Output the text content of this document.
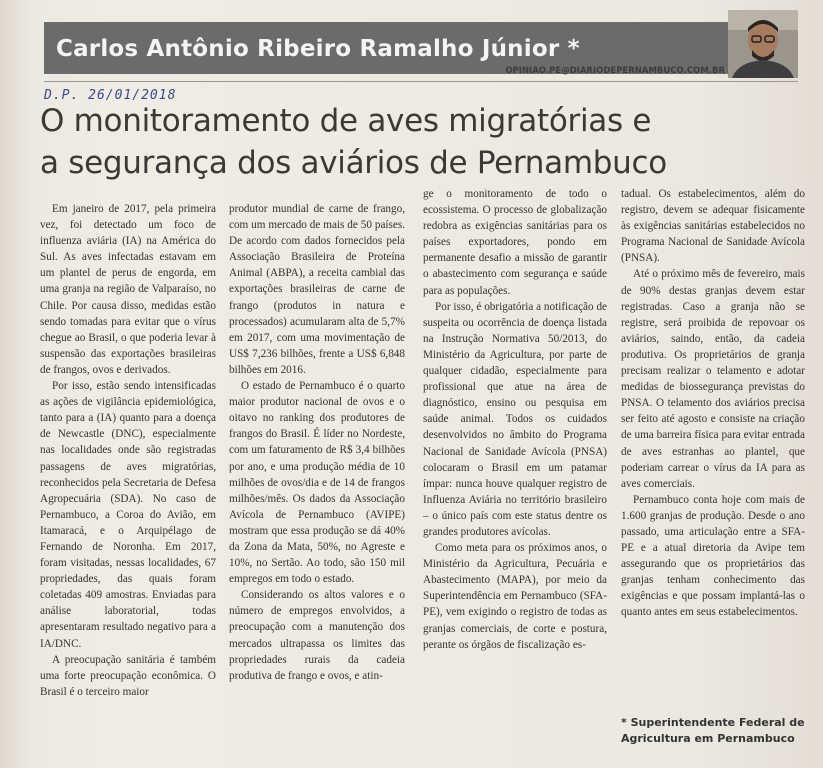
Carlos Antônio Ribeiro Ramalho Júnior *
OPINIAO.PE@DIARIODEPERNAMBUCO.COM.BR
D.P. 26/01/2018
O monitoramento de aves migratórias e
a segurança dos aviários de Pernambuco

Em janeiro de 2017, pela primeira vez, foi detectado um foco de influenza aviária (IA) na América do Sul. As aves infectadas estavam em um plantel de perus de engorda, em uma granja na região de Valparaíso, no Chile. Por causa disso, medidas estão sendo tomadas para evitar que o vírus chegue ao Brasil, o que poderia levar à suspensão das exportações brasileiras de frangos, ovos e derivados.

Por isso, estão sendo intensificadas as ações de vigilância epidemiológica, tanto para a (IA) quanto para a doença de Newcastle (DNC), especialmente nas localidades onde são registradas passagens de aves migratórias, reconhecidos pela Secretaria de Defesa Agropecuária (SDA). No caso de Pernambuco, a Coroa do Avião, em Itamaracá, e o Arquipélago de Fernando de Noronha. Em 2017, foram visitadas, nessas localidades, 67 propriedades, das quais foram coletadas 409 amostras. Enviadas para análise laboratorial, todas apresentaram resultado negativo para a IA/DNC.

A preocupação sanitária é também uma forte preocupação econômica. O Brasil é o terceiro maior

produtor mundial de carne de frango, com um mercado de mais de 50 países. De acordo com dados fornecidos pela Associação Brasileira de Proteína Animal (ABPA), a receita cambial das exportações brasileiras de carne de frango (produtos in natura e processados) acumularam alta de 5,7% em 2017, com uma movimentação de US$ 7,236 bilhões, frente a US$ 6,848 bilhões em 2016.

O estado de Pernambuco é o quarto maior produtor nacional de ovos e o oitavo no ranking dos produtores de frangos do Brasil. É líder no Nordeste, com um faturamento de R$ 3,4 bilhões por ano, e uma produção média de 10 milhões de ovos/dia e de 14 de frangos milhões/mês. Os dados da Associação Avícola de Pernambuco (AVIPE) mostram que essa produção se dá 40% da Zona da Mata, 50%, no Agreste e 10%, no Sertão. Ao todo, são 150 mil empregos em todo o estado.

Considerando os altos valores e o número de empregos envolvidos, a preocupação com a manutenção dos mercados ultrapassa os limites das propriedades rurais da cadeia produtiva de frango e ovos, e atin-

ge o monitoramento de todo o ecossistema. O processo de globalização redobra as exigências sanitárias para os países exportadores, pondo em permanente desafio a missão de garantir o abastecimento com segurança e saúde para as populações.

Por isso, é obrigatória a notificação de suspeita ou ocorrência de doença listada na Instrução Normativa 50/2013, do Ministério da Agricultura, por parte de qualquer cidadão, especialmente para profissional que atue na área de diagnóstico, ensino ou pesquisa em saúde animal. Todos os cuidados desenvolvidos no âmbito do Programa Nacional de Sanidade Avícola (PNSA) colocaram o Brasil em um patamar ímpar: nunca houve qualquer registro de Influenza Aviária no território brasileiro – o único país com este status dentre os grandes produtores avícolas.

Como meta para os próximos anos, o Ministério da Agricultura, Pecuária e Abastecimento (MAPA), por meio da Superintendência em Pernambuco (SFA-PE), vem exigindo o registro de todas as granjas comerciais, de corte e postura, perante os órgãos de fiscalização es-

tadual. Os estabelecimentos, além do registro, devem se adequar fisicamente às exigências sanitárias estabelecidos no Programa Nacional de Sanidade Avícola (PNSA).

Até o próximo mês de fevereiro, mais de 90% destas granjas devem estar registradas. Caso a granja não se registre, será proibida de repovoar os aviários, saindo, então, da cadeia produtiva. Os proprietários de granja precisam realizar o telamento e adotar medidas de biossegurança previstas do PNSA. O telamento dos aviários precisa ser feito até agosto e consiste na criação de uma barreira física para evitar entrada de aves estranhas ao plantel, que poderiam carrear o vírus da IA para as aves comerciais.

Pernambuco conta hoje com mais de 1.600 granjas de produção. Desde o ano passado, uma articulação entre a SFA-PE e a atual diretoria da Avipe tem assegurando que os proprietários das granjas tenham conhecimento das exigências e que possam implantá-las o quanto antes em seus estabelecimentos.

* Superintendente Federal de Agricultura em Pernambuco
